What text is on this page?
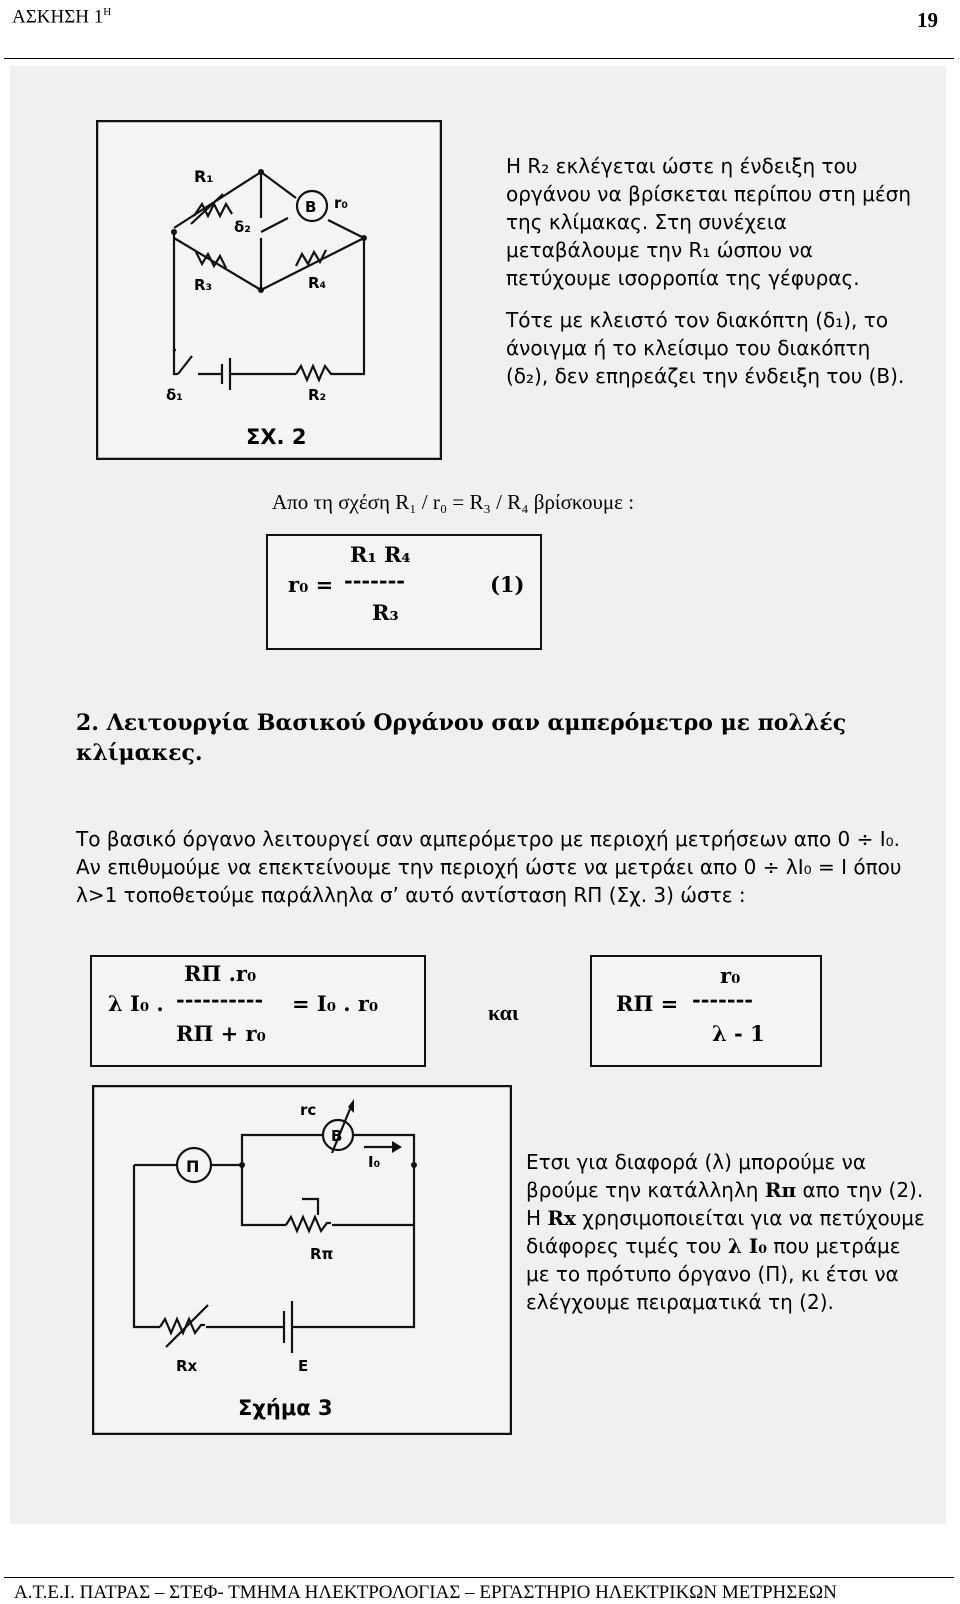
ΑΣΚΗΣΗ $1^H$	19
R₁
δ₂
B r₀
R₃	R₄
δ₁	R₂
ΣΧ. 2

Η R₂ εκλέγεται ώστε η ένδειξη του οργάνου να βρίσκεται περίπου στη μέση της κλίμακας. Στη συνέχεια μεταβάλουμε την R₁ ώσπου να πετύχουμε ισορροπία της γέφυρας.

Τότε με κλειστό τον διακόπτη (δ₁), το άνοιγμα ή το κλείσιμο του διακόπτη (δ₂), δεν επηρεάζει την ένδειξη του (B).

Απο τη σχέση R₁ / r₀ = R₃ / R₄ βρίσκουμε :
R₁ R₄
r₀ = -------	(1)
R₃
2. Λειτουργία Βασικού Οργάνου σαν αμπερόμετρο με πολλές κλίμακες.
Το βασικό όργανο λειτουργεί σαν αμπερόμετρο με περιοχή μετρήσεων απο 0 ÷ I₀. Αν επιθυμούμε να επεκτείνουμε την περιοχή ώστε να μετράει απο 0 ÷ λI₀ = I όπου λ>1 τοποθετούμε παράλληλα σ’ αυτό αντίσταση RΠ (Σχ. 3) ώστε :
RΠ .r₀
λ I₀ . ---------- = I₀ . r₀
RΠ + r₀
και
r₀
RΠ = -------
λ - 1
rc
B
I₀
Π
Rπ
Rx	E
Σχήμα 3
Ετσι για διαφορά (λ) μπορούμε να βρούμε την κατάλληλη Rπ απο την (2). Η Rx χρησιμοποιείται για να πετύχουμε διάφορες τιμές του λ I₀ που μετράμε με το πρότυπο όργανο (Π), κι έτσι να ελέγχουμε πειραματικά τη (2).
Α.Τ.Ε.Ι. ΠΑΤΡΑΣ – ΣΤΕΦ- ΤΜΗΜΑ ΗΛΕΚΤΡΟΛΟΓΙΑΣ – ΕΡΓΑΣΤΗΡΙΟ ΗΛΕΚΤΡΙΚΩΝ ΜΕΤΡΗΣΕΩΝ
